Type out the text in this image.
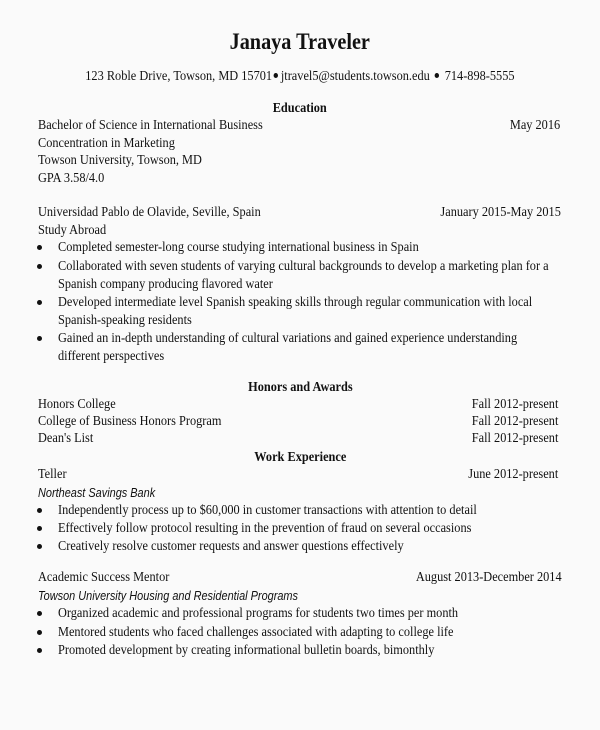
Janaya Traveler
123 Roble Drive, Towson, MD 15701 jtravel5@students.towson.edu 714-898-5555
Education
Bachelor of Science in International Business	May 2016
Concentration in Marketing
Towson University, Towson, MD
GPA 3.58/4.0
Universidad Pablo de Olavide, Seville, Spain	January 2015-May 2015
Study Abroad
Completed semester-long course studying international business in Spain
Collaborated with seven students of varying cultural backgrounds to develop a marketing plan for a
Spanish company producing flavored water
Developed intermediate level Spanish speaking skills through regular communication with local
Spanish-speaking residents
Gained an in-depth understanding of cultural variations and gained experience understanding
different perspectives
Honors and Awards
Honors College	Fall 2012-present
College of Business Honors Program	Fall 2012-present
Dean's List	Fall 2012-present
Work Experience
Teller	June 2012-present
Northeast Savings Bank
Independently process up to $60,000 in customer transactions with attention to detail
Effectively follow protocol resulting in the prevention of fraud on several occasions
Creatively resolve customer requests and answer questions effectively
Academic Success Mentor	August 2013-December 2014
Towson University Housing and Residential Programs
Organized academic and professional programs for students two times per month
Mentored students who faced challenges associated with adapting to college life
Promoted development by creating informational bulletin boards, bimonthly
